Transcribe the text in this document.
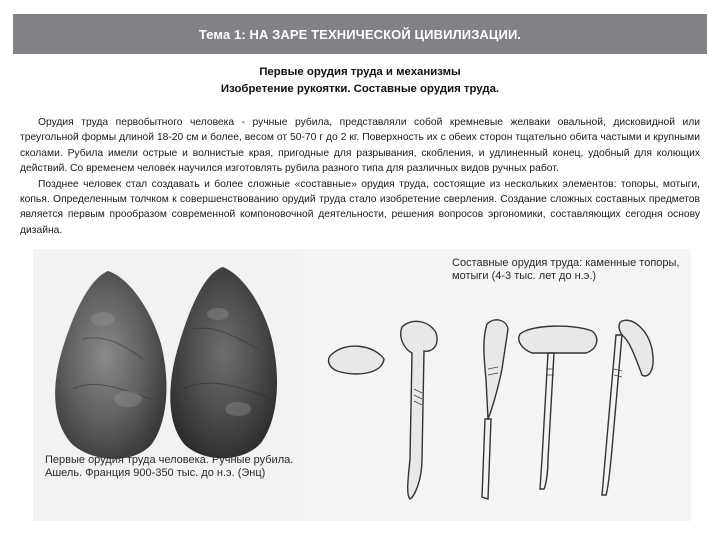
Тема 1: НА ЗАРЕ ТЕХНИЧЕСКОЙ ЦИВИЛИЗАЦИИ.
Первые орудия труда и механизмы
Изобретение рукоятки. Составные орудия труда.

Орудия труда первобытного человека - ручные рубила, представляли собой кремневые желваки овальной, дисковидной или треугольной формы длиной 18-20 см и более, весом от 50-70 г до 2 кг. Поверхность их с обеих сторон тщательно обита частыми и крупными сколами. Рубила имели острые и волнистые края, пригодные для разрывания, скобления, и удлиненный конец, удобный для колющих действий. Со временем человек научился изготовлять рубила разного типа для различных видов ручных работ.

Позднее человек стал создавать и более сложные «составные» орудия труда, состоящие из нескольких элементов: топоры, мотыги, копья. Определенным толчком к совершенствованию орудий труда стало изобретение сверления. Создание сложных составных предметов является первым прообразом современной компоновочной деятельности, решения вопросов эргономики, составляющих сегодня основу дизайна.

Первые орудия труда человека. Ручные рубила. Ашель. Франция 900-350 тыс. до н.э. (Энц)
Составные орудия труда: каменные топоры, мотыги (4-3 тыс. лет до н.э.)
